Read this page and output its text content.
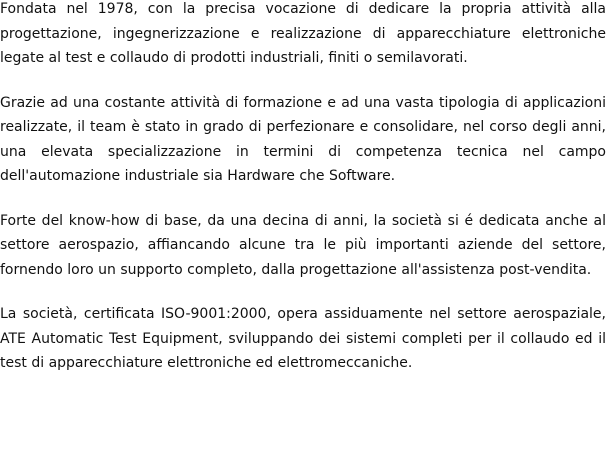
Fondata nel 1978, con la precisa vocazione di dedicare la propria attività alla progettazione, ingegnerizzazione e realizzazione di apparecchiature elettroniche legate al test e collaudo di prodotti industriali, finiti o semilavorati.

Grazie ad una costante attività di formazione e ad una vasta tipologia di applicazioni realizzate, il team è stato in grado di perfezionare e consolidare, nel corso degli anni, una elevata specializzazione in termini di competenza tecnica nel campo dell'automazione industriale sia Hardware che Software.

Forte del know-how di base, da una decina di anni, la società si é dedicata anche al settore aerospazio, affiancando alcune tra le più importanti aziende del settore, fornendo loro un supporto completo, dalla progettazione all'assistenza post-vendita.

La società, certificata ISO-9001:2000, opera assiduamente nel settore aerospaziale, ATE Automatic Test Equipment, sviluppando dei sistemi completi per il collaudo ed il test di apparecchiature elettroniche ed elettromeccaniche.
